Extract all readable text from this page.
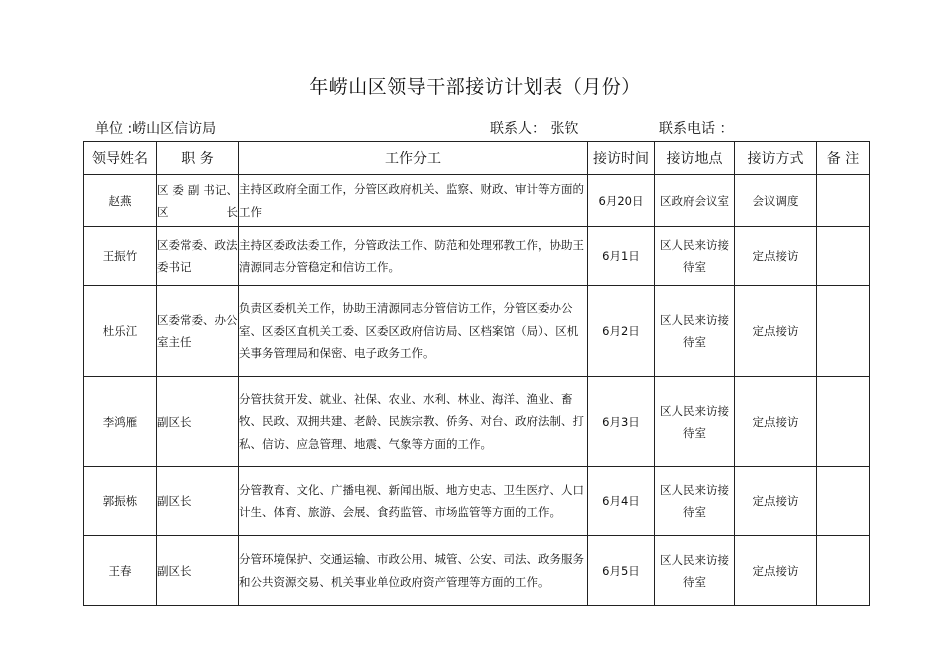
年崂山区领导干部接访计划表（月份）
单位 :崂山区信访局	联系人： 张钦	联系电话 ：
领导姓名	职 务	工作分工	接访时间	接访地点	接访方式	备 注
赵燕	区 委 副 书记、区长	主持区政府全面工作，分管区政府机关、监察、财政、审计等方面的工作	6月20日	区政府会议室	会议调度	
王振竹	区委常委、政法委书记	主持区委政法委工作，分管政法工作、防范和处理邪教工作，协助王清源同志分管稳定和信访工作。	6月1日	区人民来访接待室	定点接访	
杜乐江	区委常委、办公室主任	负责区委机关工作，协助王清源同志分管信访工作，分管区委办公室、区委区直机关工委、区委区政府信访局、区档案馆（局）、区机关事务管理局和保密、电子政务工作。	6月2日	区人民来访接待室	定点接访	
李鸿雁	副区长	分管扶贫开发、就业、社保、农业、水利、林业、海洋、渔业、畜牧、民政、双拥共建、老龄、民族宗教、侨务、对台、政府法制、打私、信访、应急管理、地震、气象等方面的工作。	6月3日	区人民来访接待室	定点接访	
郭振栋	副区长	分管教育、文化、广播电视、新闻出版、地方史志、卫生医疗、人口计生、体育、旅游、会展、食药监管、市场监管等方面的工作。	6月4日	区人民来访接待室	定点接访	
王春	副区长	分管环境保护、交通运输、市政公用、城管、公安、司法、政务服务和公共资源交易、机关事业单位政府资产管理等方面的工作。	6月5日	区人民来访接待室	定点接访	
